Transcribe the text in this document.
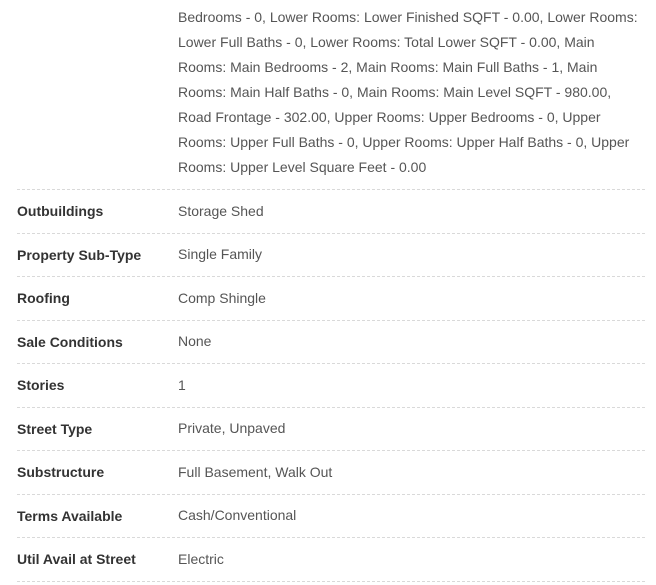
Bedrooms - 0, Lower Rooms: Lower Finished SQFT - 0.00, Lower Rooms: Lower Full Baths - 0, Lower Rooms: Total Lower SQFT - 0.00, Main Rooms: Main Bedrooms - 2, Main Rooms: Main Full Baths - 1, Main Rooms: Main Half Baths - 0, Main Rooms: Main Level SQFT - 980.00, Road Frontage - 302.00, Upper Rooms: Upper Bedrooms - 0, Upper Rooms: Upper Full Baths - 0, Upper Rooms: Upper Half Baths - 0, Upper Rooms: Upper Level Square Feet - 0.00
Outbuildings	Storage Shed
Property Sub-Type	Single Family
Roofing	Comp Shingle
Sale Conditions	None
Stories	1
Street Type	Private, Unpaved
Substructure	Full Basement, Walk Out
Terms Available	Cash/Conventional
Util Avail at Street	Electric
